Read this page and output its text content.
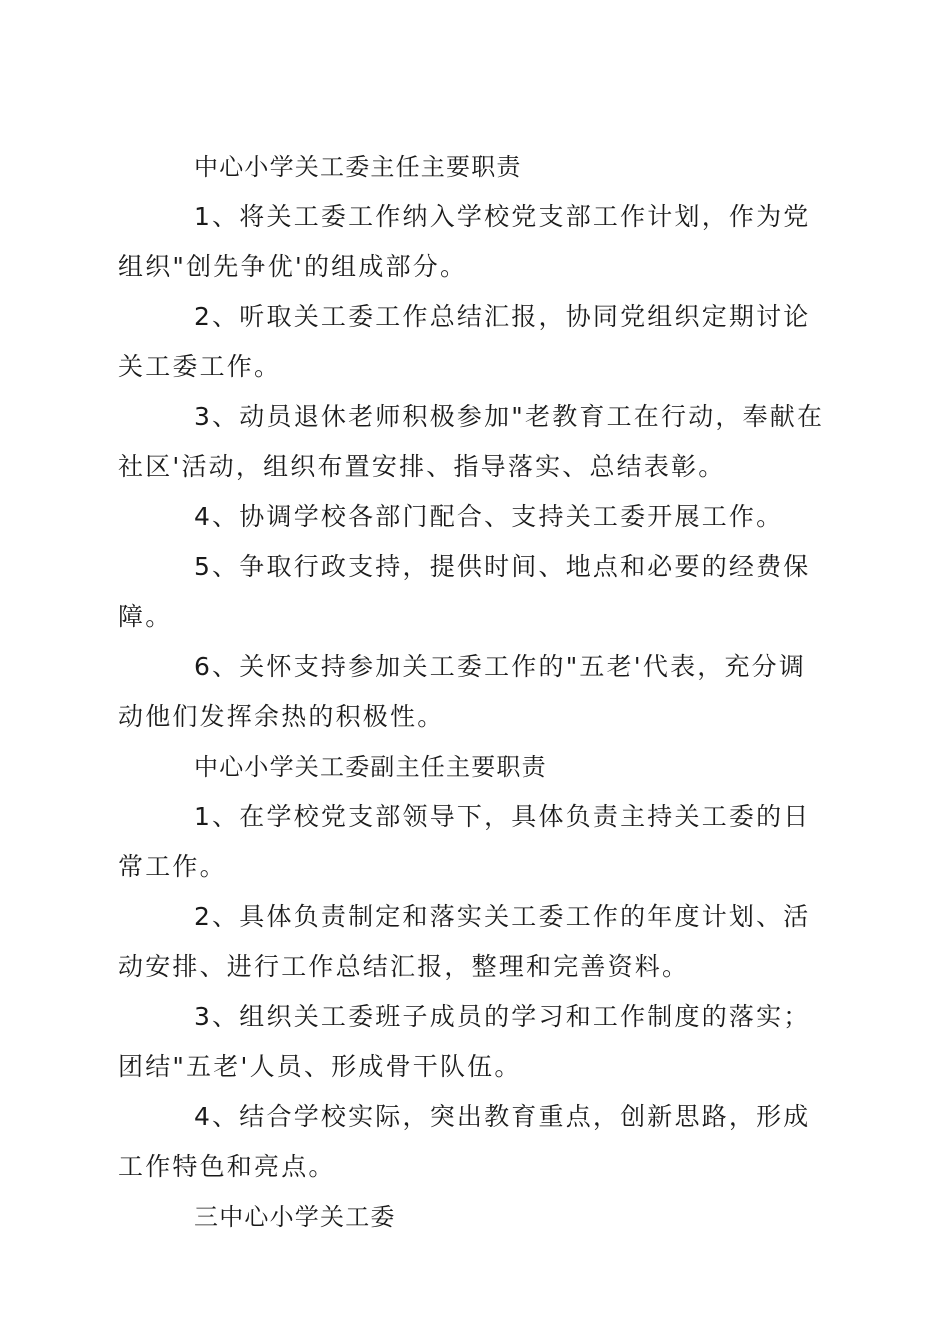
中心小学关工委主任主要职责

1、将关工委工作纳入学校党支部工作计划，作为党组织"创先争优'的组成部分。

2、听取关工委工作总结汇报，协同党组织定期讨论关工委工作。

3、动员退休老师积极参加"老教育工在行动，奉献在社区'活动，组织布置安排、指导落实、总结表彰。

4、协调学校各部门配合、支持关工委开展工作。

5、争取行政支持，提供时间、地点和必要的经费保障。

6、关怀支持参加关工委工作的"五老'代表，充分调动他们发挥余热的积极性。

中心小学关工委副主任主要职责

1、在学校党支部领导下，具体负责主持关工委的日常工作。

2、具体负责制定和落实关工委工作的年度计划、活动安排、进行工作总结汇报，整理和完善资料。

3、组织关工委班子成员的学习和工作制度的落实；团结"五老'人员、形成骨干队伍。

4、结合学校实际，突出教育重点，创新思路，形成工作特色和亮点。

三中心小学关工委
